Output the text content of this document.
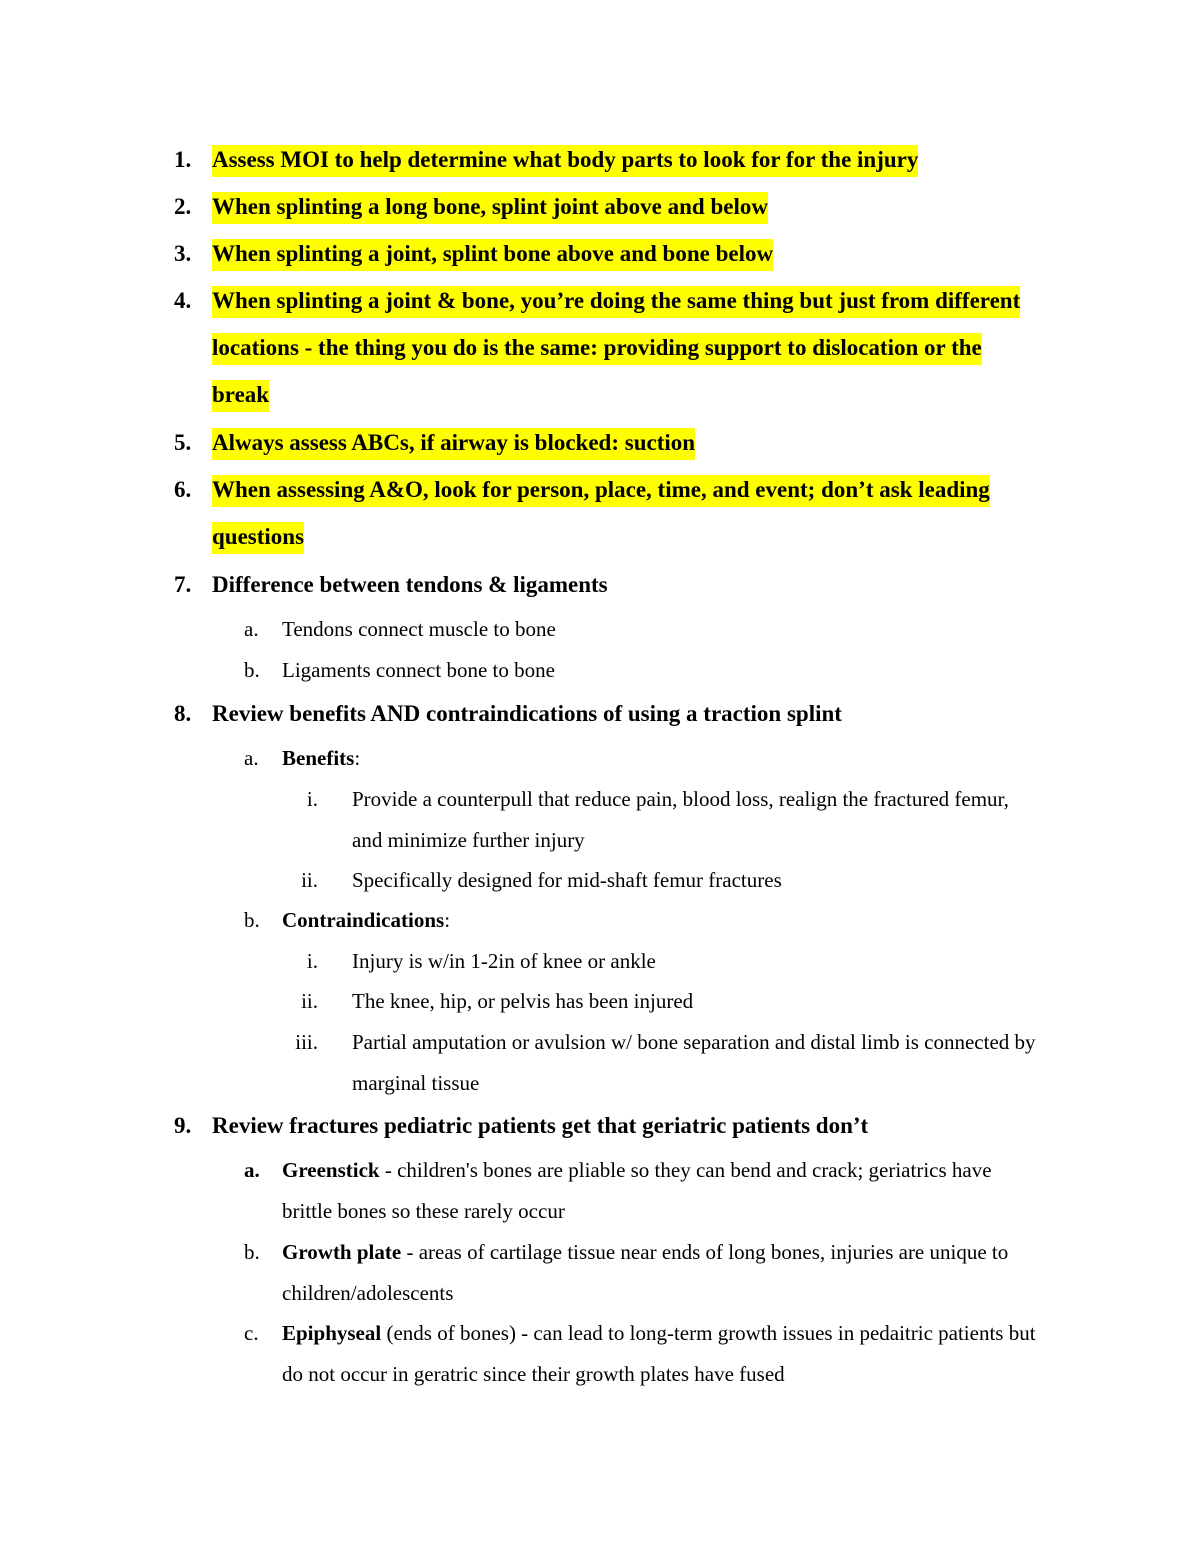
1. Assess MOI to help determine what body parts to look for for the injury
2. When splinting a long bone, splint joint above and below
3. When splinting a joint, splint bone above and bone below
4. When splinting a joint & bone, you’re doing the same thing but just from different locations - the thing you do is the same: providing support to dislocation or the break
5. Always assess ABCs, if airway is blocked: suction
6. When assessing A&O, look for person, place, time, and event; don’t ask leading questions
7. Difference between tendons & ligaments
a. Tendons connect muscle to bone
b. Ligaments connect bone to bone
8. Review benefits AND contraindications of using a traction splint
a. Benefits:
i. Provide a counterpull that reduce pain, blood loss, realign the fractured femur, and minimize further injury
ii. Specifically designed for mid-shaft femur fractures
b. Contraindications:
i. Injury is w/in 1-2in of knee or ankle
ii. The knee, hip, or pelvis has been injured
iii. Partial amputation or avulsion w/ bone separation and distal limb is connected by marginal tissue
9. Review fractures pediatric patients get that geriatric patients don’t
a. Greenstick - children's bones are pliable so they can bend and crack; geriatrics have brittle bones so these rarely occur
b. Growth plate - areas of cartilage tissue near ends of long bones, injuries are unique to children/adolescents
c. Epiphyseal (ends of bones) - can lead to long-term growth issues in pedaitric patients but do not occur in geratric since their growth plates have fused
